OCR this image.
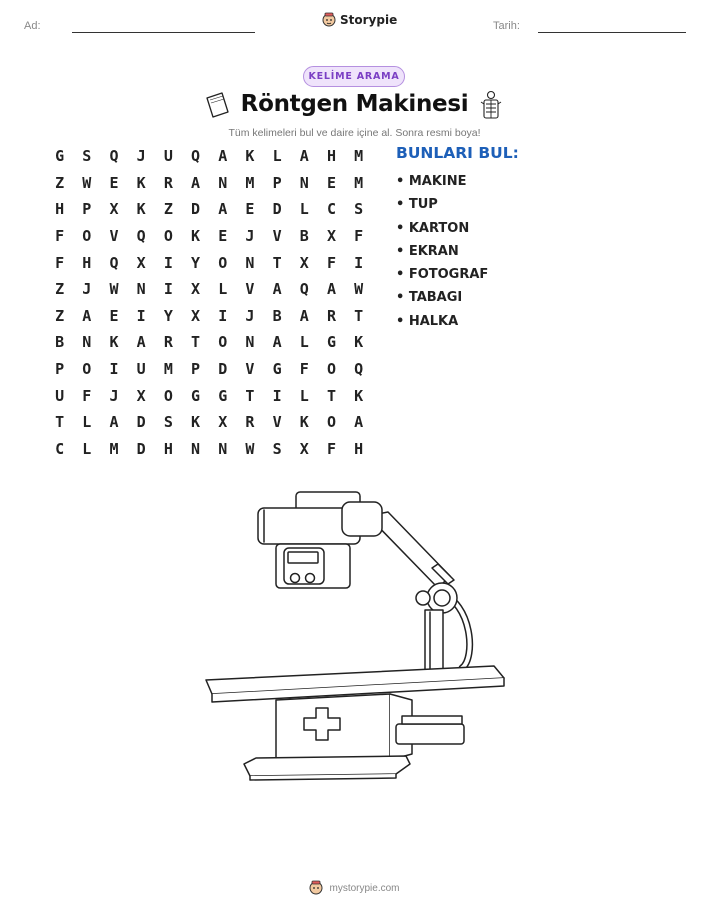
Ad:	Storypie	Tarih:
KELİME ARAMA
Röntgen Makinesi
Tüm kelimeleri bul ve daire içine al. Sonra resmi boya!
G	S	Q	J	U	Q	A	K	L	A	H	M
Z	W	E	K	R	A	N	M	P	N	E	M
H	P	X	K	Z	D	A	E	D	L	C	S
F	O	V	Q	O	K	E	J	V	B	X	F
F	H	Q	X	I	Y	O	N	T	X	F	I
Z	J	W	N	I	X	L	V	A	Q	A	W
Z	A	E	I	Y	X	I	J	B	A	R	T
B	N	K	A	R	T	O	N	A	L	G	K
P	O	I	U	M	P	D	V	G	F	O	Q
U	F	J	X	O	G	G	T	I	L	T	K
T	L	A	D	S	K	X	R	V	K	O	A
C	L	M	D	H	N	N	W	S	X	F	H
BUNLARI BUL:
• MAKINE
• TUP
• KARTON
• EKRAN
• FOTOGRAF
• TABAGI
• HALKA
mystorypie.com
